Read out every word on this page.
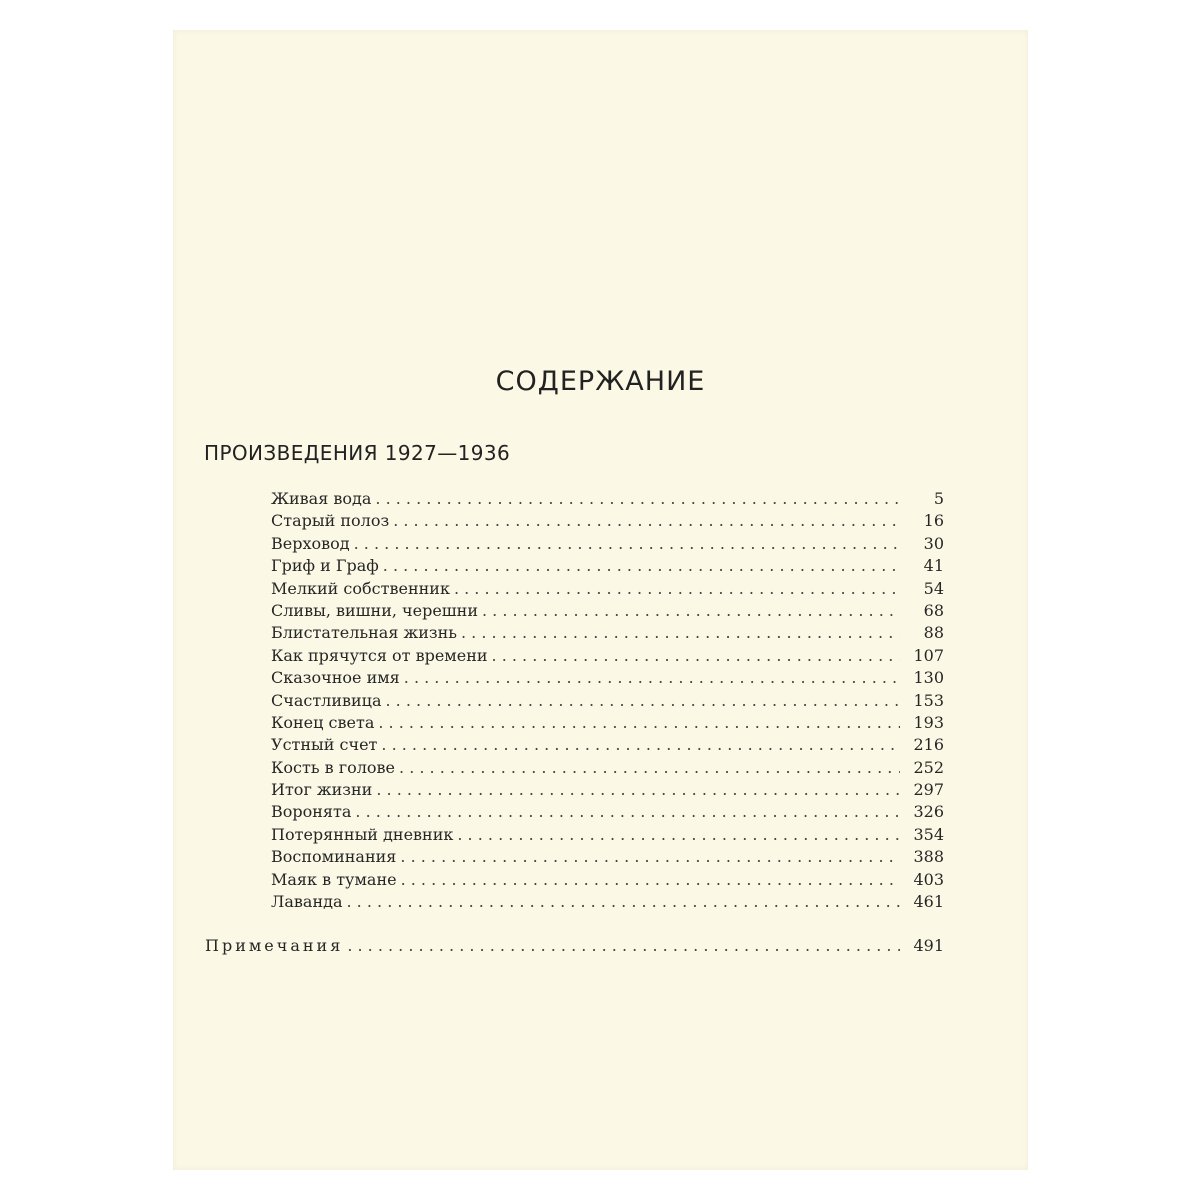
СОДЕРЖАНИЕ
ПРОИЗВЕДЕНИЯ 1927—1936
Живая вода . . .	5
Старый полоз . . .	16
Верховод . . .	30
Гриф и Граф . . .	41
Мелкий собственник . . .	54
Сливы, вишни, черешни . . .	68
Блистательная жизнь . . .	88
Как прячутся от времени . . .	107
Сказочное имя . . .	130
Счастливица . . .	153
Конец света . . .	193
Устный счет . . .	216
Кость в голове . . .	252
Итог жизни . . .	297
Воронята . . .	326
Потерянный дневник . . .	354
Воспоминания . . .	388
Маяк в тумане . . .	403
Лаванда . . .	461
Примечания . . .	491
